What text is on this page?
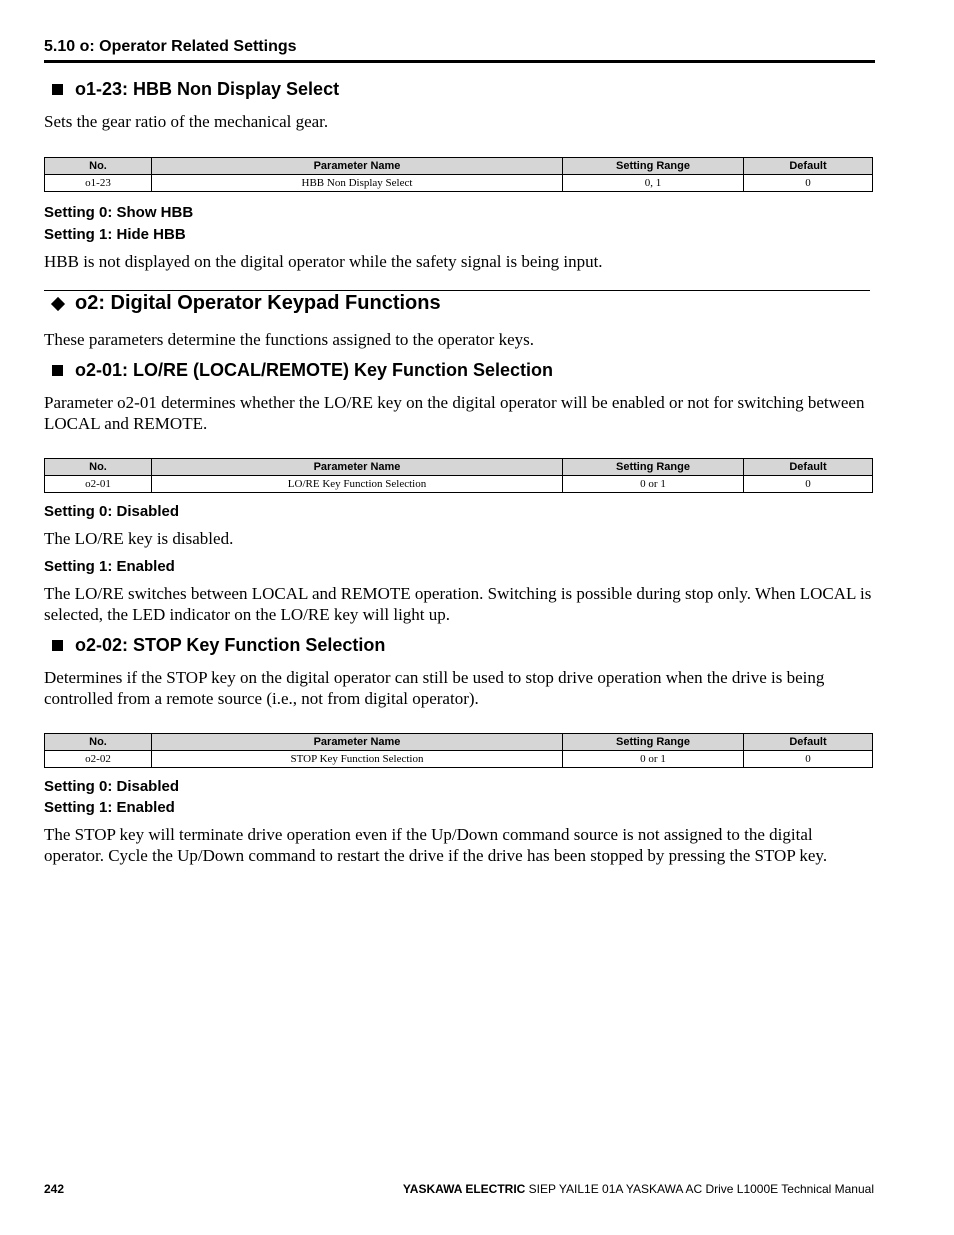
5.10 o: Operator Related Settings
o1-23: HBB Non Display Select
Sets the gear ratio of the mechanical gear.
No.	Parameter Name	Setting Range	Default
o1-23	HBB Non Display Select	0, 1	0
Setting 0: Show HBB
Setting 1: Hide HBB
HBB is not displayed on the digital operator while the safety signal is being input.
o2: Digital Operator Keypad Functions
These parameters determine the functions assigned to the operator keys.
o2-01: LO/RE (LOCAL/REMOTE) Key Function Selection
Parameter o2-01 determines whether the LO/RE key on the digital operator will be enabled or not for switching between LOCAL and REMOTE.
No.	Parameter Name	Setting Range	Default
o2-01	LO/RE Key Function Selection	0 or 1	0
Setting 0: Disabled
The LO/RE key is disabled.
Setting 1: Enabled
The LO/RE switches between LOCAL and REMOTE operation. Switching is possible during stop only. When LOCAL is selected, the LED indicator on the LO/RE key will light up.
o2-02: STOP Key Function Selection
Determines if the STOP key on the digital operator can still be used to stop drive operation when the drive is being controlled from a remote source (i.e., not from digital operator).
No.	Parameter Name	Setting Range	Default
o2-02	STOP Key Function Selection	0 or 1	0
Setting 0: Disabled
Setting 1: Enabled
The STOP key will terminate drive operation even if the Up/Down command source is not assigned to the digital operator. Cycle the Up/Down command to restart the drive if the drive has been stopped by pressing the STOP key.
242	YASKAWA ELECTRIC SIEP YAIL1E 01A YASKAWA AC Drive L1000E Technical Manual
